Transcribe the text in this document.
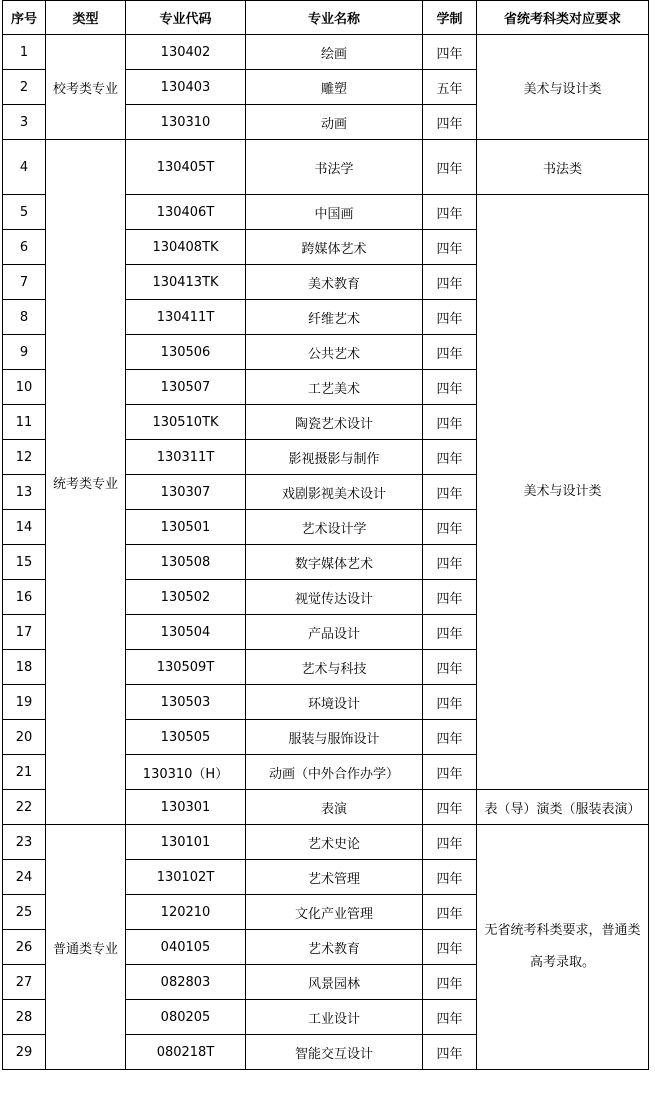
序号	类型	专业代码	专业名称	学制	省统考科类对应要求
1	校考类专业	130402	绘画	四年	美术与设计类
2		130403	雕塑	五年	
3		130310	动画	四年	
4	统考类专业	130405T	书法学	四年	书法类
5		130406T	中国画	四年	美术与设计类
6		130408TK	跨媒体艺术	四年	
7		130413TK	美术教育	四年	
8		130411T	纤维艺术	四年	
9		130506	公共艺术	四年	
10		130507	工艺美术	四年	
11		130510TK	陶瓷艺术设计	四年	
12		130311T	影视摄影与制作	四年	
13		130307	戏剧影视美术设计	四年	
14		130501	艺术设计学	四年	
15		130508	数字媒体艺术	四年	
16		130502	视觉传达设计	四年	
17		130504	产品设计	四年	
18		130509T	艺术与科技	四年	
19		130503	环境设计	四年	
20		130505	服装与服饰设计	四年	
21		130310（H）	动画（中外合作办学）	四年	
22		130301	表演	四年	表（导）演类（服装表演）
23	普通类专业	130101	艺术史论	四年	无省统考科类要求，普通类高考录取。
24		130102T	艺术管理	四年	
25		120210	文化产业管理	四年	
26		040105	艺术教育	四年	
27		082803	风景园林	四年	
28		080205	工业设计	四年	
29		080218T	智能交互设计	四年	
